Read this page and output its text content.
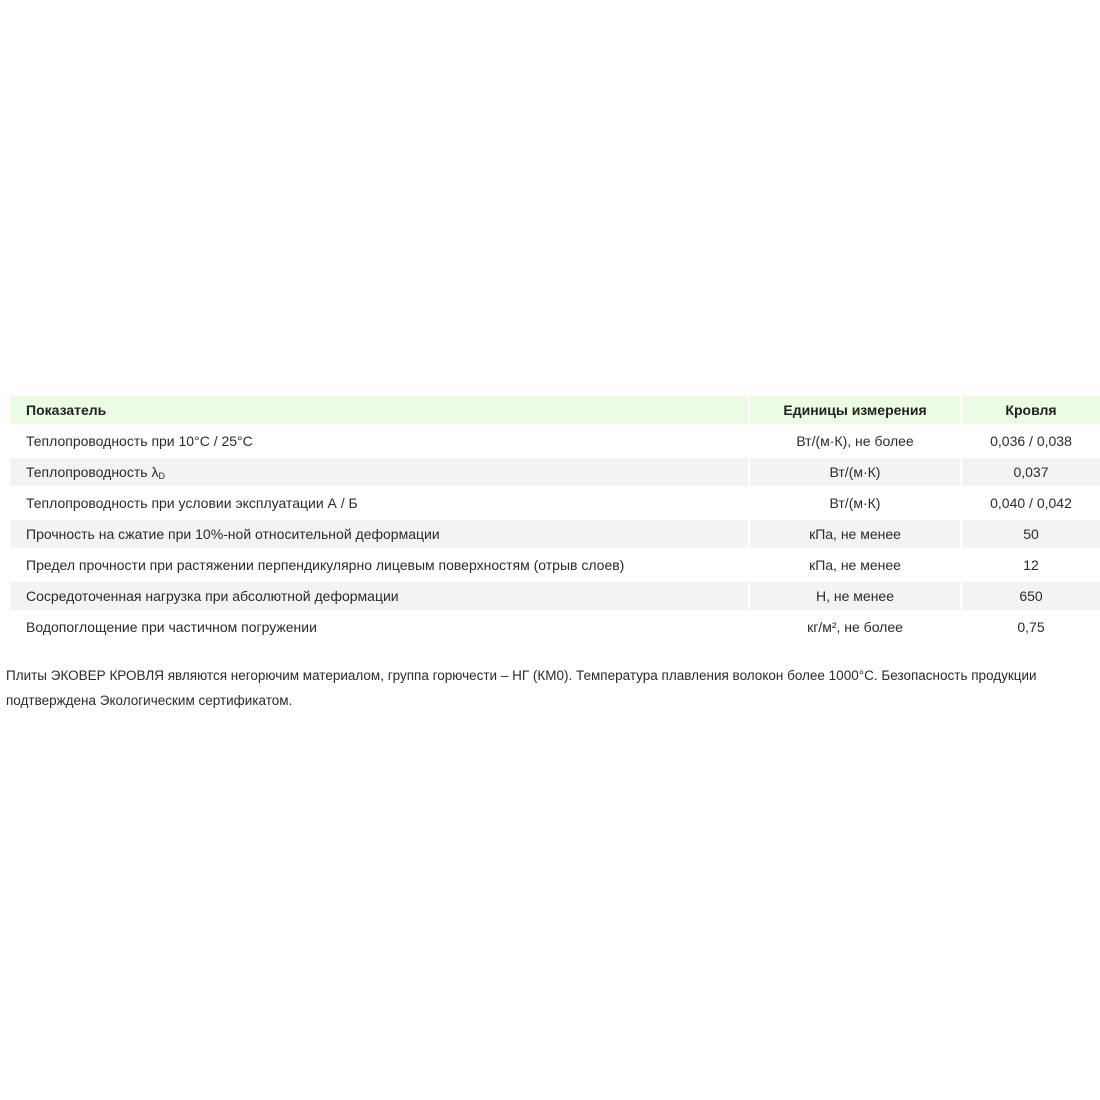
Показатель	Единицы измерения	Кровля
Теплопроводность при 10°С / 25°С	Вт/(м·К), не более	0,036 / 0,038
Теплопроводность λD	Вт/(м·К)	0,037
Теплопроводность при условии эксплуатации А / Б	Вт/(м·К)	0,040 / 0,042
Прочность на сжатие при 10%-ной относительной деформации	кПа, не менее	50
Предел прочности при растяжении перпендикулярно лицевым поверхностям (отрыв слоев)	кПа, не менее	12
Сосредоточенная нагрузка при абсолютной деформации	Н, не менее	650
Водопоглощение при частичном погружении	кг/м², не более	0,75

Плиты ЭКОВЕР КРОВЛЯ являются негорючим материалом, группа горючести – НГ (КМ0). Температура плавления волокон более 1000°С. Безопасность продукции подтверждена Экологическим сертификатом.
